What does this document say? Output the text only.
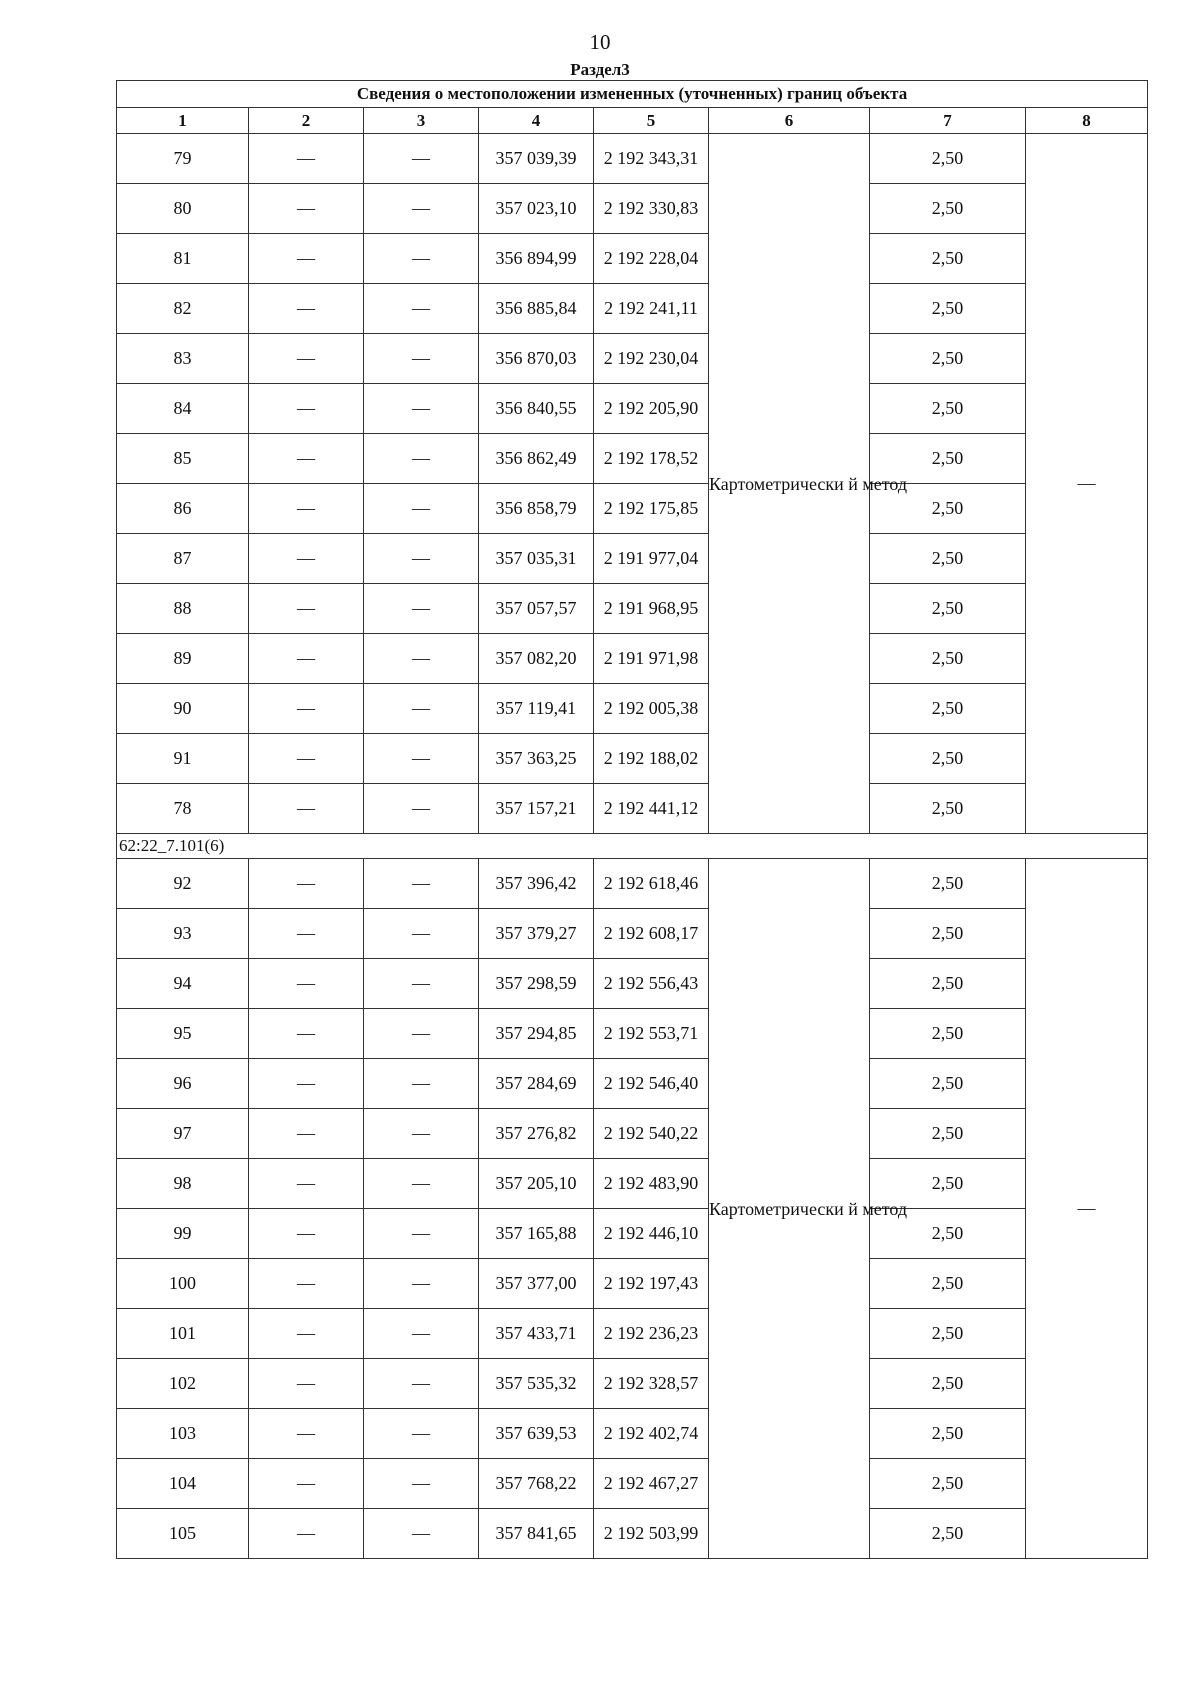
10
Раздел3
Сведения о местоположении измененных (уточненных) границ объекта							
1	2	3	4	5	6	7	8
79	—	—	357 039,39	2 192 343,31	Картометрически й метод	2,50	—
80	—	—	357 023,10	2 192 330,83		2,50	
81	—	—	356 894,99	2 192 228,04		2,50	
82	—	—	356 885,84	2 192 241,11		2,50	
83	—	—	356 870,03	2 192 230,04		2,50	
84	—	—	356 840,55	2 192 205,90		2,50	
85	—	—	356 862,49	2 192 178,52		2,50	
86	—	—	356 858,79	2 192 175,85		2,50	
87	—	—	357 035,31	2 191 977,04		2,50	
88	—	—	357 057,57	2 191 968,95		2,50	
89	—	—	357 082,20	2 191 971,98		2,50	
90	—	—	357 119,41	2 192 005,38		2,50	
91	—	—	357 363,25	2 192 188,02		2,50	
78	—	—	357 157,21	2 192 441,12		2,50	
62:22_7.101(6)							
92	—	—	357 396,42	2 192 618,46	Картометрически й метод	2,50	—
93	—	—	357 379,27	2 192 608,17		2,50	
94	—	—	357 298,59	2 192 556,43		2,50	
95	—	—	357 294,85	2 192 553,71		2,50	
96	—	—	357 284,69	2 192 546,40		2,50	
97	—	—	357 276,82	2 192 540,22		2,50	
98	—	—	357 205,10	2 192 483,90		2,50	
99	—	—	357 165,88	2 192 446,10		2,50	
100	—	—	357 377,00	2 192 197,43		2,50	
101	—	—	357 433,71	2 192 236,23		2,50	
102	—	—	357 535,32	2 192 328,57		2,50	
103	—	—	357 639,53	2 192 402,74		2,50	
104	—	—	357 768,22	2 192 467,27		2,50	
105	—	—	357 841,65	2 192 503,99		2,50	
